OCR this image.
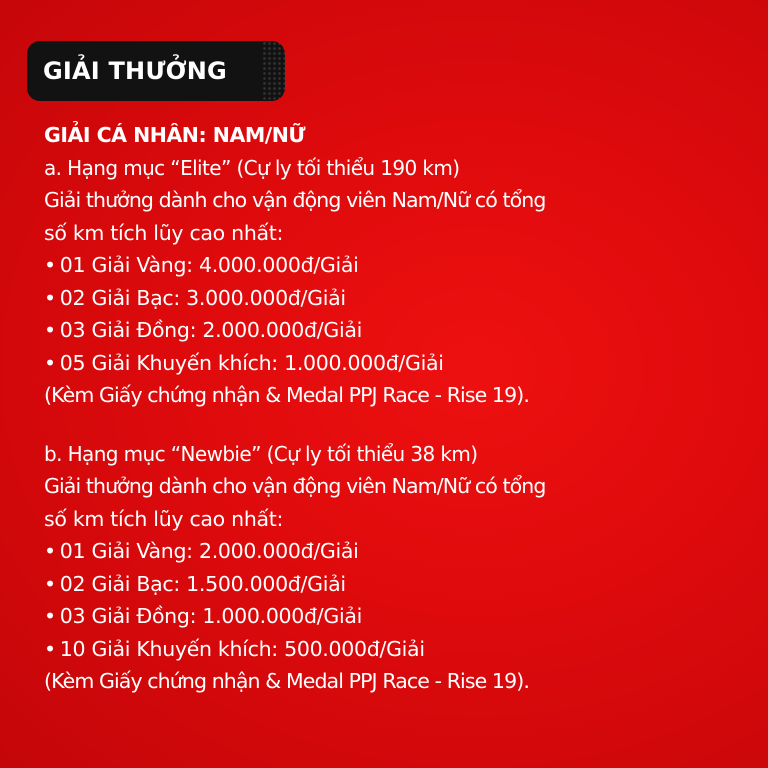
GIẢI THƯỞNG
GIẢI CÁ NHÂN: NAM/NỮ
a. Hạng mục “Elite” (Cự ly tối thiểu 190 km)
Giải thưởng dành cho vận động viên Nam/Nữ có tổng
số km tích lũy cao nhất:
• 01 Giải Vàng: 4.000.000đ/Giải
• 02 Giải Bạc: 3.000.000đ/Giải
• 03 Giải Đồng: 2.000.000đ/Giải
• 05 Giải Khuyến khích: 1.000.000đ/Giải
(Kèm Giấy chứng nhận & Medal PPJ Race - Rise 19).
b. Hạng mục “Newbie” (Cự ly tối thiểu 38 km)
Giải thưởng dành cho vận động viên Nam/Nữ có tổng
số km tích lũy cao nhất:
• 01 Giải Vàng: 2.000.000đ/Giải
• 02 Giải Bạc: 1.500.000đ/Giải
• 03 Giải Đồng: 1.000.000đ/Giải
• 10 Giải Khuyến khích: 500.000đ/Giải
(Kèm Giấy chứng nhận & Medal PPJ Race - Rise 19).
